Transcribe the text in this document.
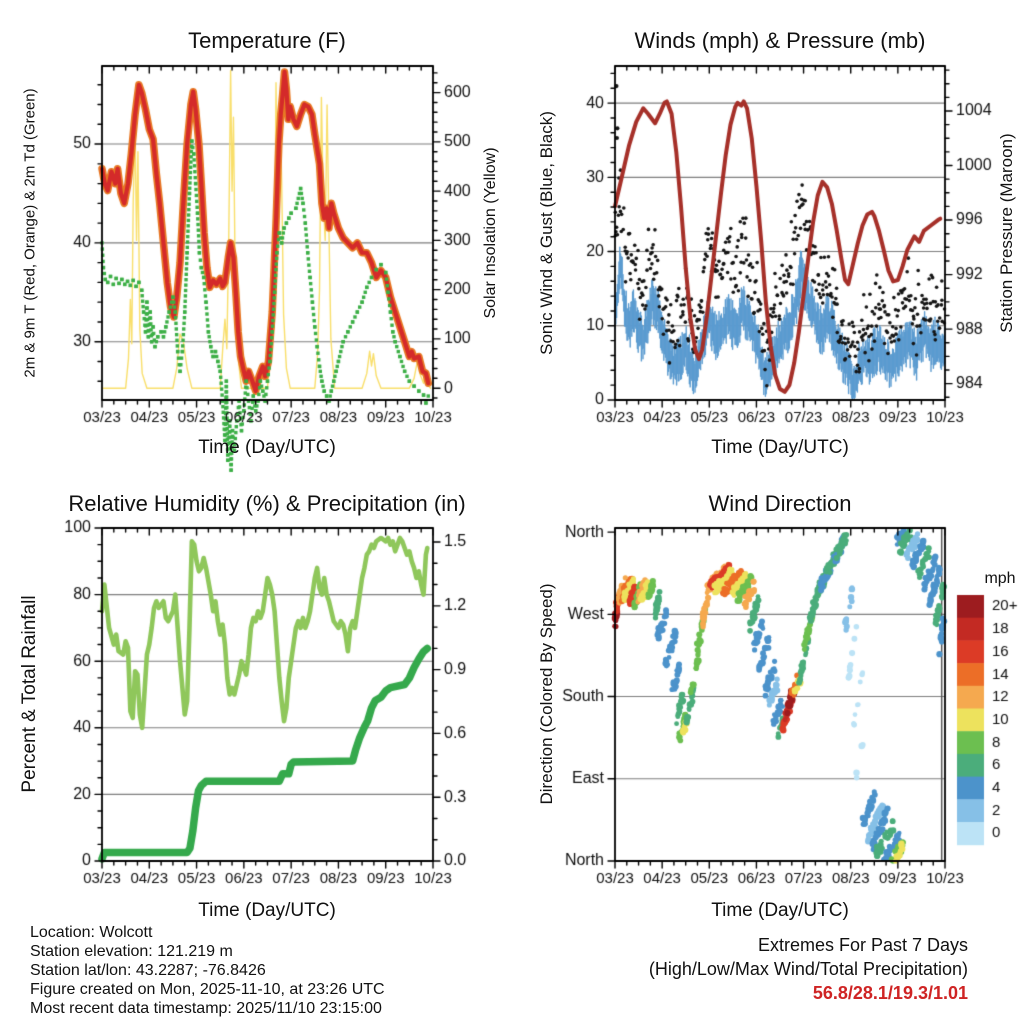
Temperature (F)	Winds (mph) & Pressure (mb)
Relative Humidity (%) & Precipitation (in)	Wind Direction
2m & 9m T (Red, Orange) & 2m Td (Green)	Solar Insolation (Yellow) Sonic Wind & Gust (Blue, Black)	Station Pressure (Maroon)
Percent & Total Rainfall	Direction (Colored By Speed)
Time (Day/UTC)	Time (Day/UTC)
Time (Day/UTC)	Time (Day/UTC)
mph
Location: Wolcott
Station elevation: 121.219 m
Station lat/lon: 43.2287; -76.8426
Figure created on Mon, 2025-11-10, at 23:26 UTC
Most recent data timestamp: 2025/11/10 23:15:00
Extremes For Past 7 Days
(High/Low/Max Wind/Total Precipitation)
56.8/28.1/19.3/1.01
